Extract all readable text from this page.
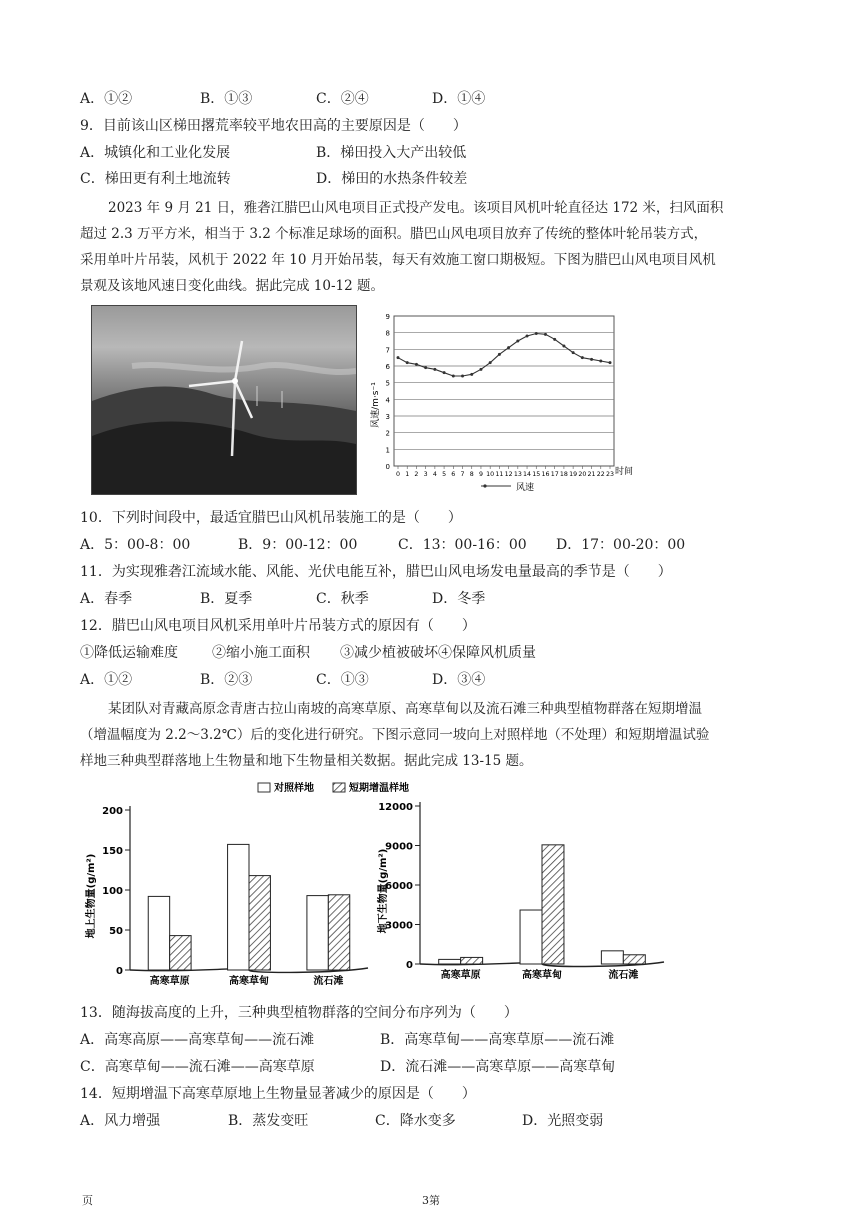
A．①②	B．①③	C．②④	D．①④
9．目前该山区梯田撂荒率较平地农田高的主要原因是（　　）
A．城镇化和工业化发展	B．梯田投入大产出较低
C．梯田更有利土地流转	D．梯田的水热条件较差
2023 年 9 月 21 日，雅砻江腊巴山风电项目正式投产发电。该项目风机叶轮直径达 172 米，扫风面积
超过 2.3 万平方米，相当于 3.2 个标准足球场的面积。腊巴山风电项目放弃了传统的整体叶轮吊装方式，
采用单叶片吊装，风机于 2022 年 10 月开始吊装，每天有效施工窗口期极短。下图为腊巴山风电项目风机
景观及该地风速日变化曲线。据此完成 10-12 题。
0
1
2
3
4
5
6
7
8
9
0 1 2 3 4 5 6 7 8 9 10 11 12 13 14 15 16 17 18 19 20 21 22 23
风速/m·s⁻¹
时间
风速
10．下列时间段中，最适宜腊巴山风机吊装施工的是（　　）
A．5：00-8：00	B．9：00-12：00	C．13：00-16：00 D．17：00-20：00
11．为实现雅砻江流域水能、风能、光伏电能互补，腊巴山风电场发电量最高的季节是（　　）
A．春季	B．夏季	C．秋季	D．冬季
12．腊巴山风电项目风机采用单叶片吊装方式的原因有（　　）
①降低运输难度 ②缩小施工面积 ③减少植被破坏④保障风机质量
A．①②	B．②③	C．①③	D．③④
某团队对青藏高原念青唐古拉山南坡的高寒草原、高寒草甸以及流石滩三种典型植物群落在短期增温
（增温幅度为 2.2～3.2℃）后的变化进行研究。下图示意同一坡向上对照样地（不处理）和短期增温试验
样地三种典型群落地上生物量和地下生物量相关数据。据此完成 13-15 题。
对照样地	短期增温样地
0
50
100
150
200
高寒草原	高寒草甸	流石滩
0
3000
6000
9000
12000
高寒草原	高寒草甸	流石滩
地上生物量(g/m²)	地下生物量(g/m²)
13．随海拔高度的上升，三种典型植物群落的空间分布序列为（　　）
A．高寒高原——高寒草甸——流石滩	B．高寒草甸——高寒草原——流石滩
C．高寒草甸——流石滩——高寒草原	D．流石滩——高寒草原——高寒草甸
14．短期增温下高寒草原地上生物量显著减少的原因是（　　）
A．风力增强	B．蒸发变旺	C．降水变多	D．光照变弱
页	3第
